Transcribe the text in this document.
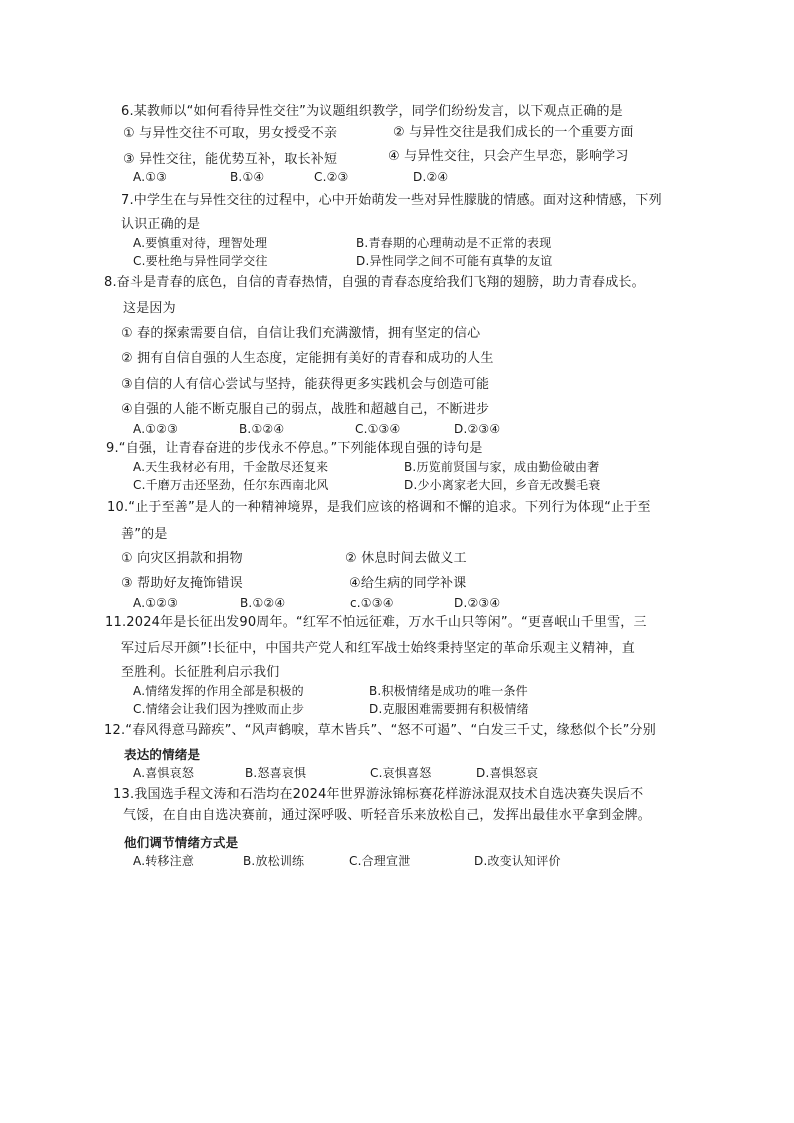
6.某教师以“如何看待异性交往”为议题组织教学，同学们纷纷发言，以下观点正确的是
① 与异性交往不可取，男女授受不亲	② 与异性交往是我们成长的一个重要方面
③ 异性交往，能优势互补，取长补短	④ 与异性交往，只会产生早恋，影响学习
A.①③	B.①④	C.②③	D.②④
7.中学生在与异性交往的过程中，心中开始萌发一些对异性朦胧的情感。面对这种情感，下列
认识正确的是
A.要慎重对待，理智处理	B.青春期的心理萌动是不正常的表现
C.要杜绝与异性同学交往	D.异性同学之间不可能有真挚的友谊
8.奋斗是青春的底色，自信的青春热情，自强的青春态度给我们飞翔的翅膀，助力青春成长。
这是因为
① 春的探索需要自信，自信让我们充满激情，拥有坚定的信心
② 拥有自信自强的人生态度，定能拥有美好的青春和成功的人生
③自信的人有信心尝试与坚持，能获得更多实践机会与创造可能
④自强的人能不断克服自己的弱点，战胜和超越自己，不断进步
A.①②③	B.①②④	C.①③④	D.②③④
9.“自强，让青春奋进的步伐永不停息。”下列能体现自强的诗句是
A.天生我材必有用，千金散尽还复来	B.历览前贤国与家，成由勤俭破由奢
C.千磨万击还坚劲，任尔东西南北风	D.少小离家老大回，乡音无改鬓毛衰
10.“止于至善”是人的一种精神境界，是我们应该的格调和不懈的追求。下列行为体现“止于至
善”的是
① 向灾区捐款和捐物	② 休息时间去做义工
③ 帮助好友掩饰错误	④给生病的同学补课
A.①②③	B.①②④	c.①③④	D.②③④
11.2024年是长征出发90周年。“红军不怕远征难，万水千山只等闲”。“更喜岷山千里雪，三
军过后尽开颜”!长征中，中国共产党人和红军战士始终秉持坚定的革命乐观主义精神，直
至胜利。长征胜利启示我们
A.情绪发挥的作用全部是积极的	B.积极情绪是成功的唯一条件
C.情绪会让我们因为挫败而止步	D.克服困难需要拥有积极情绪
12.“春风得意马蹄疾”、“风声鹤唳，草木皆兵”、“怒不可遏”、“白发三千丈，缘愁似个长”分别
表达的情绪是
A.喜惧哀怒	B.怒喜哀惧	C.哀惧喜怒	D.喜惧怒哀
13.我国选手程文涛和石浩均在2024年世界游泳锦标赛花样游泳混双技术自选决赛失误后不
气馁，在自由自选决赛前，通过深呼吸、听轻音乐来放松自己，发挥出最佳水平拿到金牌。
他们调节情绪方式是
A.转移注意	B.放松训练	C.合理宣泄	D.改变认知评价
